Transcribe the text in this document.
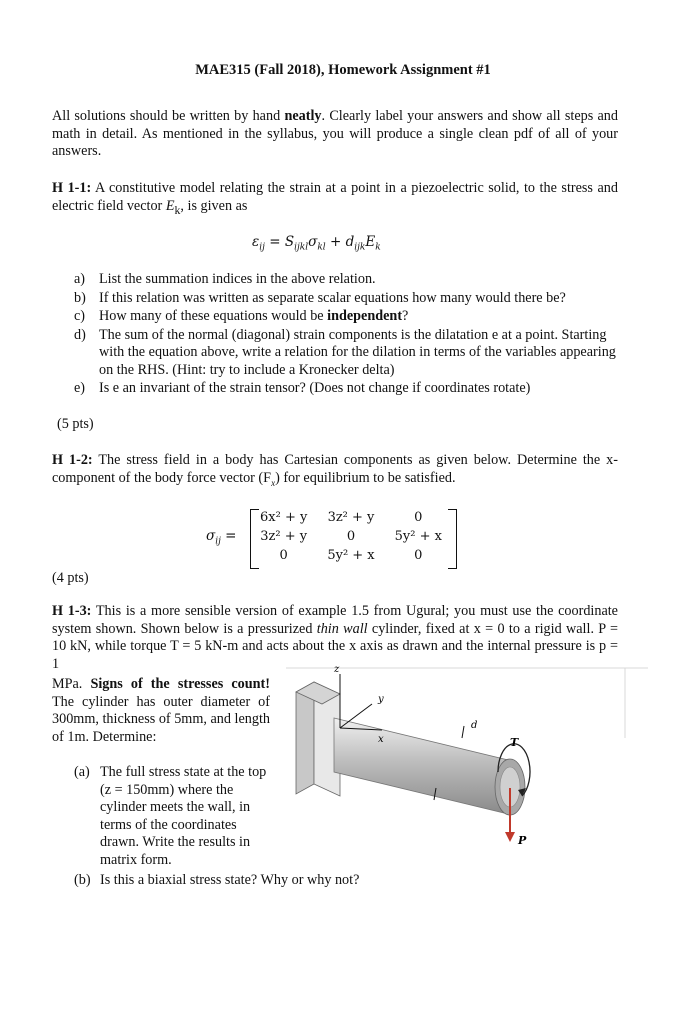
MAE315 (Fall 2018), Homework Assignment #1
All solutions should be written by hand neatly. Clearly label your answers and show all steps and math in detail. As mentioned in the syllabus, you will produce a single clean pdf of all of your answers.
H 1-1: A constitutive model relating the strain at a point in a piezoelectric solid, to the stress and electric field vector $E_k$, is given as
$\varepsilon_{ij} = S_{ijkl}\sigma_{kl} + d_{ijk}E_k$
a) List the summation indices in the above relation.
b) If this relation was written as separate scalar equations how many would there be?
c) How many of these equations would be independent?
d) The sum of the normal (diagonal) strain components is the dilatation e at a point. Starting with the equation above, write a relation for the dilation in terms of the variables appearing on the RHS. (Hint: try to include a Kronecker delta)
e) Is e an invariant of the strain tensor? (Does not change if coordinates rotate)
(5 pts)
H 1-2: The stress field in a body has Cartesian components as given below. Determine the x-component of the body force vector $(F_x)$ for equilibrium to be satisfied.
$\sigma_{ij}$ =
6x² + y	3z² + y	0
3z² + y	0	5y² + x
0	5y² + x	0
(4 pts)
H 1-3: This is a more sensible version of example 1.5 from Ugural; you must use the coordinate system shown. Shown below is a pressurized thin wall cylinder, fixed at x = 0 to a rigid wall. P = 10 kN, while torque T = 5 kN-m and acts about the x axis as drawn and the internal pressure is p = 1
MPa. Signs of the stresses count! The cylinder has outer diameter of 300mm, thickness of 5mm, and length of 1m. Determine:
(a) The full stress state at the top (z = 150mm) where the cylinder meets the wall, in terms of the coordinates drawn. Write the results in matrix form.
(b) Is this a biaxial stress state? Why or why not?
z
y
x
d
T
P
